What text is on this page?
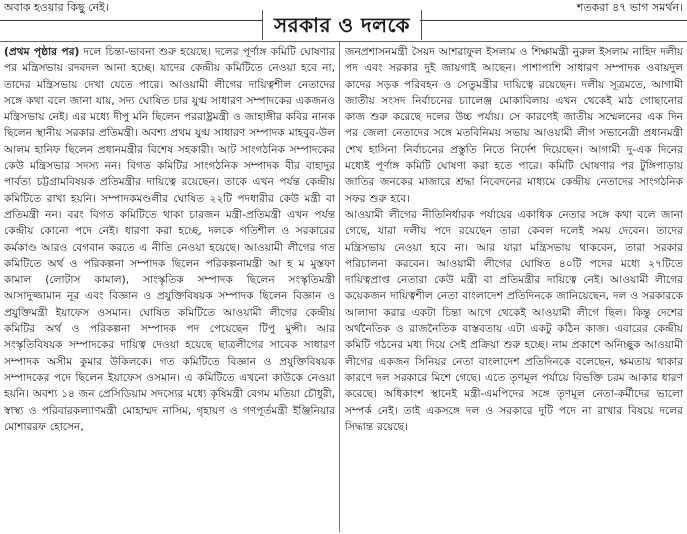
অবাক হওয়ার কিছু নেই।	শতকরা ৪৭ ভাগ সমর্থন।
সরকার ও দলকে

(প্রথম পৃষ্ঠার পর) দলে চিন্তা-ভাবনা শুরু হয়েছে। দলের পূর্ণাঙ্গ কমিটি ঘোষণার পর মন্ত্রিসভায় রদবদল আনা হচ্ছে। যাদের কেন্দ্রীয় কমিটিতে নেওয়া হবে না, তাদের মন্ত্রিসভায় দেখা যেতে পারে। আওয়ামী লীগের দায়িত্বশীল নেতাদের সঙ্গে কথা বলে জানা যায়, সদ্য ঘোষিত চার যুগ্ম সাধারণ সম্পাদকের একজনও মন্ত্রিসভায় নেই। এর মধ্যে দীপু মনি ছিলেন পররাষ্ট্রমন্ত্রী ও জাহাঙ্গীর কবির নানক ছিলেন স্থানীয় সরকার প্রতিমন্ত্রী। অবশ্য প্রথম যুগ্ম সাধারণ সম্পাদক মাহবুব-উল আলম হানিফ ছিলেন প্রধানমন্ত্রীর বিশেষ সহকারী। আট সাংগঠনিক সম্পাদকের কেউ মন্ত্রিসভার সদস্য নন। বিগত কমিটির সাংগঠনিক সম্পাদক বীর বাহাদুর পার্বত্য চট্টগ্রামবিষয়ক প্রতিমন্ত্রীর দায়িত্বে রয়েছেন। তাকে এখন পর্যন্ত কেন্দ্রীয় কমিটিতে রাখা হয়নি। সম্পাদকমণ্ডলীর ঘোষিত ২২টি পদধারীর কেউ মন্ত্রী বা প্রতিমন্ত্রী নন। বরং বিগত কমিটিতে থাকা চারজন মন্ত্রী-প্রতিমন্ত্রী এখন পর্যন্ত কেন্দ্রীয় কোনো পদে নেই। ধারণা করা হচ্ছে, দলকে গতিশীল ও সরকারের কর্মকাণ্ড আরও বেগবান করতে এ নীতি নেওয়া হয়েছে। আওয়ামী লীগের গত কমিটিতে অর্থ ও পরিকল্পনা সম্পাদক ছিলেন পরিকল্পনামন্ত্রী আ হ ম মুস্তফা কামাল (লোটাস কামাল), সাংস্কৃতিক সম্পাদক ছিলেন সংস্কৃতিমন্ত্রী আসাদুজ্জামান নূর এবং বিজ্ঞান ও প্রযুক্তিবিষয়ক সম্পাদক ছিলেন বিজ্ঞান ও প্রযুক্তিমন্ত্রী ইয়াফেস ওসমান। ঘোষিত কমিটিতে আওয়ামী লীগের কেন্দ্রীয় কমিটির অর্থ ও পরিকল্পনা সম্পাদক পদ পেয়েছেন টিপু মুন্সী। আর সংস্কৃতিবিষয়ক সম্পাদকের দায়িত্ব দেওয়া হয়েছে ছাত্রলীগের সাবেক সাধারণ সম্পাদক অসীম কুমার উকিলকে। গত কমিটিতে বিজ্ঞান ও প্রযুক্তিবিষয়ক সম্পাদকের পদে ছিলেন ইয়াফেস ওসমান। এ কমিটিতে এখনো কাউকে নেওয়া হয়নি। অবশ্য ১৪ জন প্রেসিডিয়াম সদস্যের মধ্যে কৃষিমন্ত্রী বেগম মতিয়া চৌধুরী, স্বাস্থ্য ও পরিবারকল্যাণমন্ত্রী মোহাম্মদ নাসিম, গৃহায়ণ ও গণপূর্তমন্ত্রী ইঞ্জিনিয়ার মোশাররফ হোসেন,

জনপ্রশাসনমন্ত্রী সৈয়দ আশরাফুল ইসলাম ও শিক্ষামন্ত্রী নুরুল ইসলাম নাহিদ দলীয় পদ এবং সরকার দুই জায়গাই আছেন। পাশাপাশি সাধারণ সম্পাদক ওবায়দুল কাদের সড়ক পরিবহন ও সেতুমন্ত্রীর দায়িত্বে রয়েছেন। দলীয় সূত্রমতে, আগামী জাতীয় সংসদ নির্বাচনের চ্যালেঞ্জ মোকাবিলায় এখন থেকেই মাঠ গোছানোর কাজ শুরু করেছে দলের উচ্চ পর্যায়। সে কারণেই জাতীয় সম্মেলনের এক দিন পর জেলা নেতাদের সঙ্গে মতবিনিময় সভায় আওয়ামী লীগ সভানেত্রী প্রধানমন্ত্রী শেখ হাসিনা নির্বাচনের প্রস্তুতি নিতে নির্দেশ দিয়েছেন। আগামী দু-এক দিনের মধ্যেই পূর্ণাঙ্গ কমিটি ঘোষণা করা হতে পারে। কমিটি ঘোষণার পর টুঙ্গিপাড়ায় জাতির জনকের মাজারে শ্রদ্ধা নিবেদনের মাধ্যমে কেন্দ্রীয় নেতাদের সাংগঠনিক সফর শুরু হবে।

আওয়ামী লীগের নীতিনির্ধারক পর্যায়ের একাধিক নেতার সঙ্গে কথা বলে জানা গেছে, যারা দলীয় পদে রয়েছেন তারা কেবল দলেই সময় দেবেন। তাদের মন্ত্রিসভায় নেওয়া হবে না। আর যারা মন্ত্রিসভায় থাকবেন, তারা সরকার পরিচালনা করবেন। আওয়ামী লীগের ঘোষিত ৪০টি পদের মধ্যে ২৭টিতে দায়িত্বপ্রাপ্ত নেতারা কেউ মন্ত্রী বা প্রতিমন্ত্রীর দায়িত্বে নেই। আওয়ামী লীগের কয়েকজন দায়িত্বশীল নেতা বাংলাদেশ প্রতিদিনকে জানিয়েছেন, দল ও সরকারকে আলাদা করার একটা চিন্তা আগে থেকেই আওয়ামী লীগে ছিল। কিন্তু দেশের অর্থনৈতিক ও রাজনৈতিক বাস্তবতায় এটা একটু কঠিন কাজ। এবারের কেন্দ্রীয় কমিটি গঠনের মধ্য দিয়ে সেই প্রক্রিয়া শুরু হচ্ছে। নাম প্রকাশে অনিচ্ছুক আওয়ামী লীগের একজন সিনিয়র নেতা বাংলাদেশ প্রতিদিনকে বলেছেন, ক্ষমতায় থাকার কারণে দল সরকারে মিশে গেছে। এতে তৃণমূল পর্যায়ে বিভক্তি চরম আকার ধারণ করেছে। অধিকাংশ স্থানেই মন্ত্রী-এমপিদের সঙ্গে তৃণমূল নেতা-কর্মীদের ভালো সম্পর্ক নেই। তাই একসঙ্গে দল ও সরকারে দুটি পদে না রাখার বিষয়ে দলের সিদ্ধান্ত রয়েছে।
